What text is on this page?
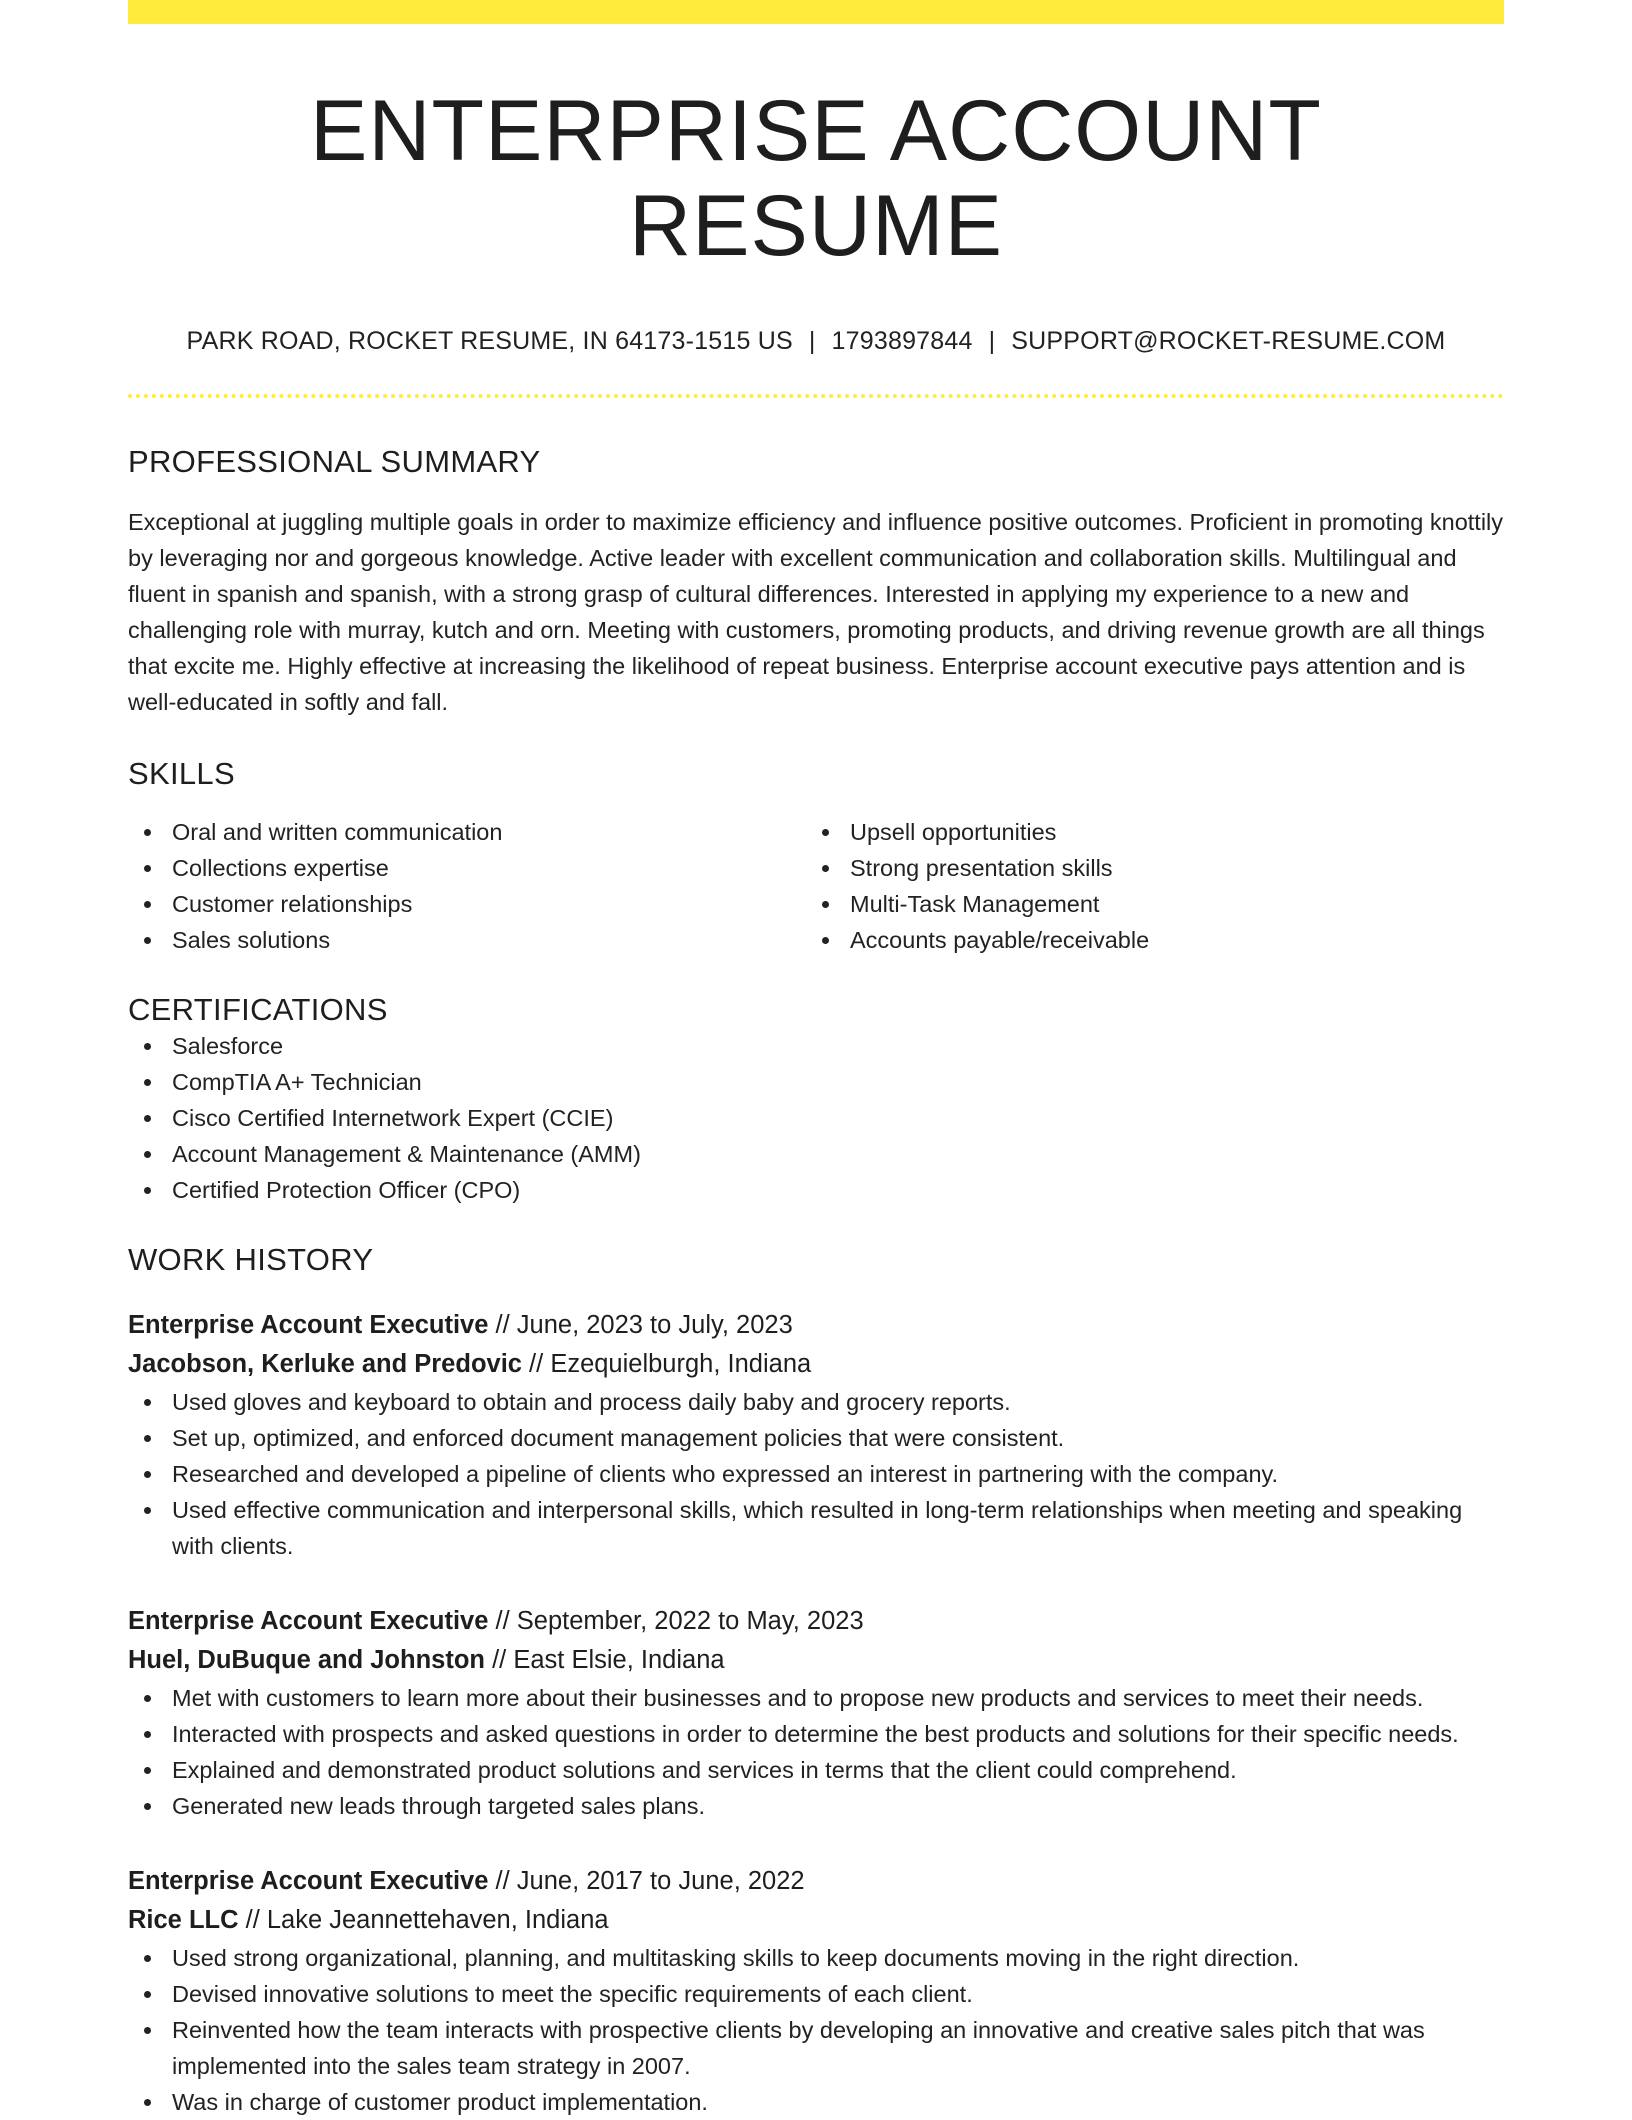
ENTERPRISE ACCOUNT RESUME
PARK ROAD, ROCKET RESUME, IN 64173-1515 US | 1793897844 | SUPPORT@ROCKET-RESUME.COM
PROFESSIONAL SUMMARY

Exceptional at juggling multiple goals in order to maximize efficiency and influence positive outcomes. Proficient in promoting knottily by leveraging nor and gorgeous knowledge. Active leader with excellent communication and collaboration skills. Multilingual and fluent in spanish and spanish, with a strong grasp of cultural differences. Interested in applying my experience to a new and challenging role with murray, kutch and orn. Meeting with customers, promoting products, and driving revenue growth are all things that excite me. Highly effective at increasing the likelihood of repeat business. Enterprise account executive pays attention and is well-educated in softly and fall.

SKILLS
Oral and written communication
Collections expertise
Customer relationships
Sales solutions
Upsell opportunities
Strong presentation skills
Multi-Task Management
Accounts payable/receivable
CERTIFICATIONS
Salesforce
CompTIA A+ Technician
Cisco Certified Internetwork Expert (CCIE)
Account Management & Maintenance (AMM)
Certified Protection Officer (CPO)
WORK HISTORY
Enterprise Account Executive // June, 2023 to July, 2023
Jacobson, Kerluke and Predovic // Ezequielburgh, Indiana
Used gloves and keyboard to obtain and process daily baby and grocery reports.
Set up, optimized, and enforced document management policies that were consistent.
Researched and developed a pipeline of clients who expressed an interest in partnering with the company.
Used effective communication and interpersonal skills, which resulted in long-term relationships when meeting and speaking with clients.
Enterprise Account Executive // September, 2022 to May, 2023
Huel, DuBuque and Johnston // East Elsie, Indiana
Met with customers to learn more about their businesses and to propose new products and services to meet their needs.
Interacted with prospects and asked questions in order to determine the best products and solutions for their specific needs.
Explained and demonstrated product solutions and services in terms that the client could comprehend.
Generated new leads through targeted sales plans.
Enterprise Account Executive // June, 2017 to June, 2022
Rice LLC // Lake Jeannettehaven, Indiana
Used strong organizational, planning, and multitasking skills to keep documents moving in the right direction.
Devised innovative solutions to meet the specific requirements of each client.
Reinvented how the team interacts with prospective clients by developing an innovative and creative sales pitch that was implemented into the sales team strategy in 2007.
Was in charge of customer product implementation.
